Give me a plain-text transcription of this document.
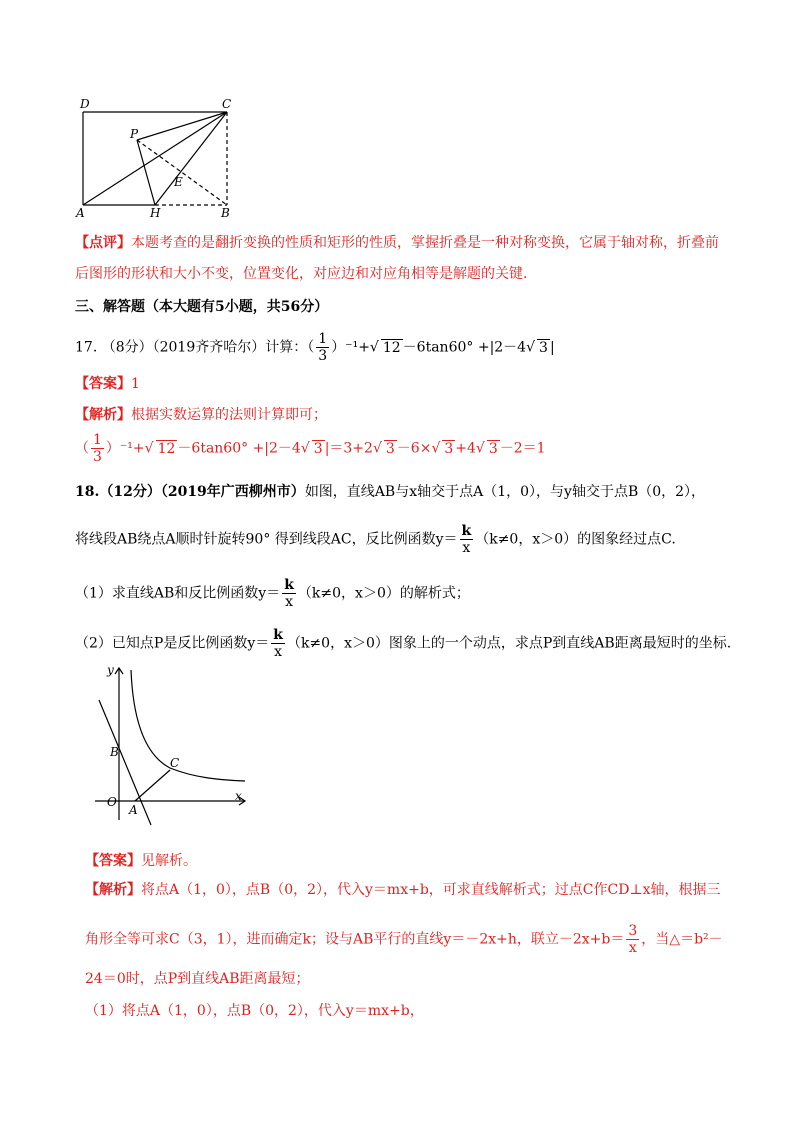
D	C
P
E
A	H	B
【点评】本题考查的是翻折变换的性质和矩形的性质，掌握折叠是一种对称变换，它属于轴对称，折叠前
后图形的形状和大小不变，位置变化，对应边和对应角相等是解题的关键.
三、解答题（本大题有5小题，共56分）
17. （8分）（2019齐齐哈尔）计算：（ $\frac{1}{3} )^{-1}+√$ 12 －6tan60° +|2－4√ 3 |
【答案】1
【解析】根据实数运算的法则计算即可；
（ $\frac{1}{3} )^{-1}+√$ 12 －6tan60° +|2－4√ 3 |＝3+2√ 3 －6×√ 3 +4√ 3 －2＝1
18.（12分）（2019年广西柳州市）如图，直线AB与x轴交于点A（1，0），与y轴交于点B（0，2），
将线段AB绕点A顺时针旋转90° 得到线段AC，反比例函数$y= \frac{k}{x} (k\ne 0$，x＞0）的图象经过点C.
（1）求直线AB和反比例函数$y= \frac{k}{x} (k\ne 0$，x＞0）的解析式；
（2）已知点P是反比例函数$y= \frac{k}{x} (k\ne 0$，x＞0）图象上的一个动点，求点P到直线AB距离最短时的坐标.
y
x
O
A
B
C
【答案】见解析。
【解析】将点A（1，0），点B（0，2），代入y＝mx+b，可求直线解析式；过点C作CD⊥x轴，根据三
角形全等可求C（3，1），进而确定k；设与AB平行的直线y＝－2x+h，联立$-2x+b= \frac{3}{x}$ ，当△＝b²－
24＝0时，点P到直线AB距离最短；
（1）将点A（1，0），点B（0，2），代入y＝mx+b，
